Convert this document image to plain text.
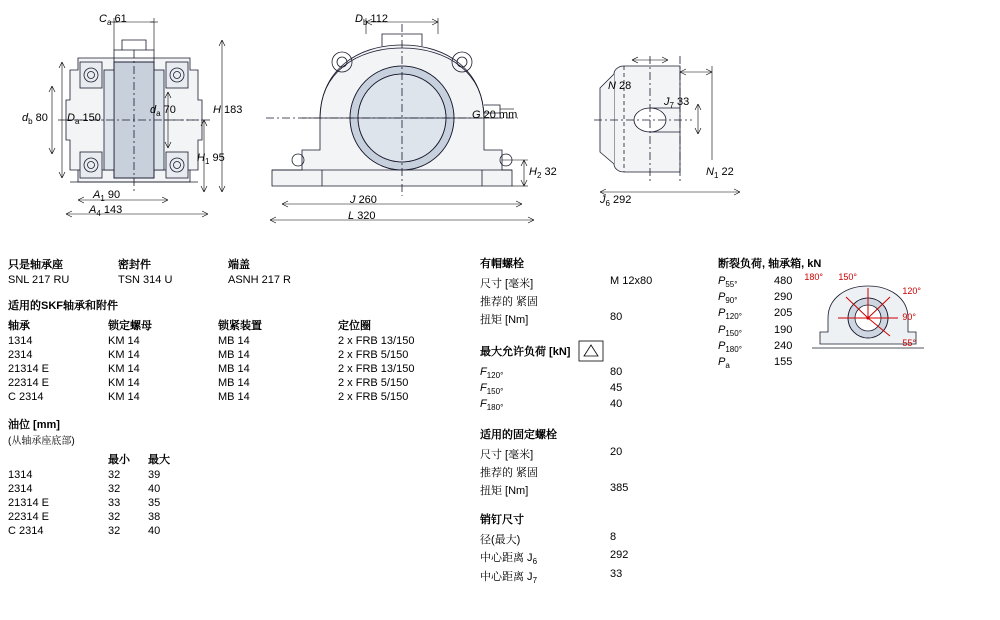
$C_a$ 61
H 183
$H_1$ 95
$d_b$ 80 $D_a$ 150
$d_a$ 70
$A_1$ 90
$A_4$ 143
$D_b$ 112
G 20 mm
$H_2$ 32
J 260
L 320
N 28
$J_7$ 33
$N_1$ 22
$J_6$ 292
只是轴承座	密封件	端盖
SNL 217 RU	TSN 314 U	ASNH 217 R
适用的SKF轴承和附件
轴承	锁定螺母	锁紧装置	定位圈
1314	KM 14	MB 14	2 x FRB 13/150
2314	KM 14	MB 14	2 x FRB 5/150
21314 E	KM 14	MB 14	2 x FRB 13/150
22314 E	KM 14	MB 14	2 x FRB 5/150
C 2314	KM 14	MB 14	2 x FRB 5/150
油位 [mm]
(从轴承座底部)
	最小	最大
1314	32	39
2314	32	40
21314 E	33	35
22314 E	32	38
C 2314	32	40
有帽螺栓
尺寸 [毫米]	M 12x80
推荐的 紧固	
扭矩 [Nm]	80
最大允许负荷 [kN]
$F_{120^\circ}$	80
$F_{150^\circ}$	45
$F_{180^\circ}$	40
适用的固定螺栓
尺寸 [毫米]	20
推荐的 紧固	
扭矩 [Nm]	385
销钉尺寸
径(最大)	8
中心距离 $J_6$	292
中心距离 $J_7$	33
断裂负荷, 轴承箱, kN
$P_{55^\circ}$	480
$P_{90^\circ}$	290
$P_{120^\circ}$	205
$P_{150^\circ}$	190
$P_{180^\circ}$	240
$P_a$	155
180° 150°
120°
90°
55°
